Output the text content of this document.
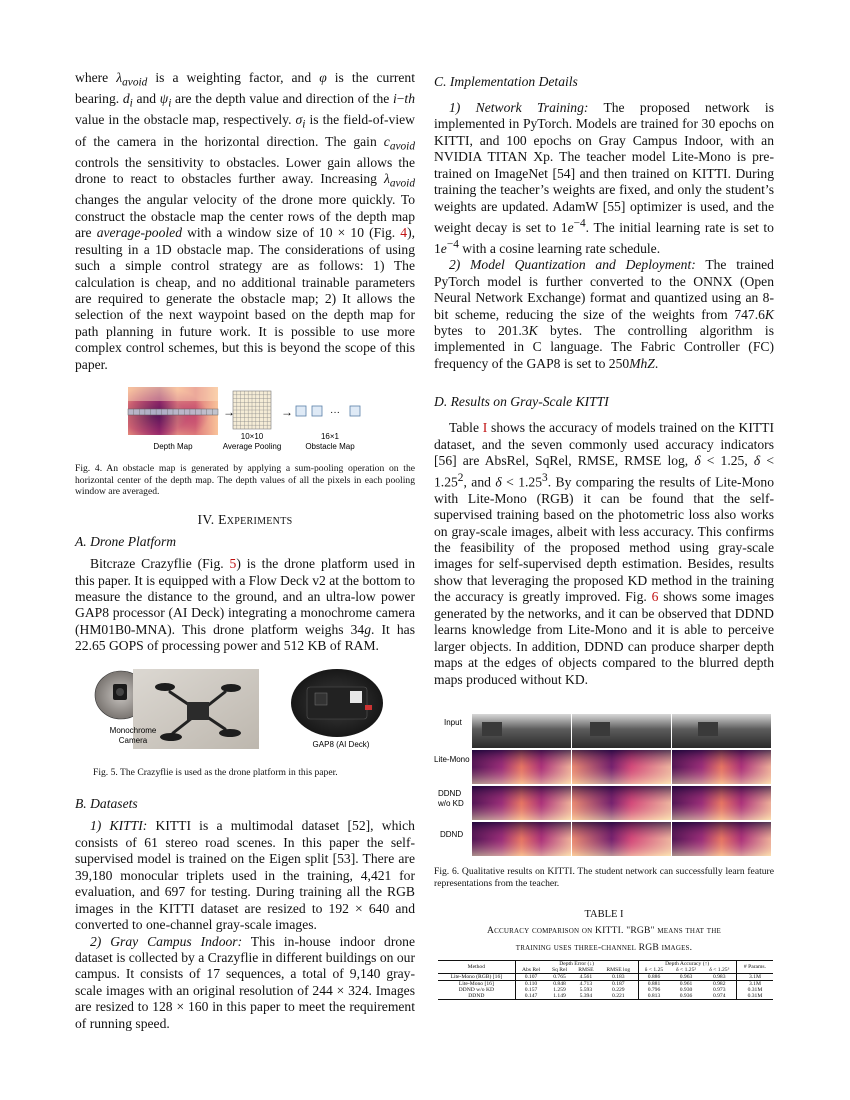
where $\lambda_{avoid}$ is a weighting factor, and φ is the current bearing. $d_i$ and $\psi_i$ are the depth value and direction of the i−th value in the obstacle map, respectively. $\sigma_i$ is the field-of-view of the camera in the horizontal direction. The gain $c_{avoid}$ controls the sensitivity to obstacles. Lower gain allows the drone to react to obstacles further away. Increasing $\lambda_{avoid}$ changes the angular velocity of the drone more quickly. To construct the obstacle map the center rows of the depth map are average-pooled with a window size of 10 × 10 (Fig. 4), resulting in a 1D obstacle map. The considerations of using such a simple control strategy are as follows: 1) The calculation is cheap, and no additional trainable parameters are required to generate the obstacle map; 2) It allows the selection of the next waypoint based on the depth map for path planning in future work. It is possible to use more complex control schemes, but this is beyond the scope of this paper.

→	→	···
Depth Map
10×10
Average Pooling
16×1
Obstacle Map

Fig. 4. An obstacle map is generated by applying a sum-pooling operation on the horizontal center of the depth map. The depth values of all the pixels in each pooling window are averaged.

IV. Experiments
A. Drone Platform

Bitcraze Crazyflie (Fig. 5) is the drone platform used in this paper. It is equipped with a Flow Deck v2 at the bottom to measure the distance to the ground, and an ultra-low power GAP8 processor (AI Deck) integrating a monochrome camera (HM01B0-MNA). This drone platform weighs 34g. It has 22.65 GOPS of processing power and 512 KB of RAM.

Monochrome
Camera	GAP8 (AI Deck)

Fig. 5. The Crazyflie is used as the drone platform in this paper.

B. Datasets

1) KITTI: KITTI is a multimodal dataset [52], which consists of 61 stereo road scenes. In this paper the self-supervised model is trained on the Eigen split [53]. There are 39,180 monocular triplets used in the training, 4,421 for evaluation, and 697 for testing. During training all the RGB images in the KITTI dataset are resized to 192 × 640 and converted to one-channel gray-scale images.

2) Gray Campus Indoor: This in-house indoor drone dataset is collected by a Crazyflie in different buildings on our campus. It consists of 17 sequences, a total of 9,140 gray-scale images with an original resolution of 244 × 324. Images are resized to 128 × 160 in this paper to meet the requirement of running speed.

C. Implementation Details

1) Network Training: The proposed network is implemented in PyTorch. Models are trained for 30 epochs on KITTI, and 100 epochs on Gray Campus Indoor, with an NVIDIA TITAN Xp. The teacher model Lite-Mono is pre-trained on ImageNet [54] and then trained on KITTI. During training the teacher’s weights are fixed, and only the student’s weights are updated. AdamW [55] optimizer is used, and the weight decay is set to $1e^{-4}$. The initial learning rate is set to $1e^{-4}$ with a cosine learning rate schedule.

2) Model Quantization and Deployment: The trained PyTorch model is further converted to the ONNX (Open Neural Network Exchange) format and quantized using an 8-bit scheme, reducing the size of the weights from 747.6K bytes to 201.3K bytes. The controlling algorithm is implemented in C language. The Fabric Controller (FC) frequency of the GAP8 is set to 250MhZ.

D. Results on Gray-Scale KITTI

Table I shows the accuracy of models trained on the KITTI dataset, and the seven commonly used accuracy indicators [56] are AbsRel, SqRel, RMSE, RMSE log, δ < 1.25, $\delta < 1.25^2$, and $\delta < 1.25^3$. By comparing the results of Lite-Mono with Lite-Mono (RGB) it can be found that the self-supervised training based on the photometric loss also works on gray-scale images, albeit with less accuracy. This confirms the feasibility of the proposed method using gray-scale images for self-supervised depth estimation. Besides, results show that leveraging the proposed KD method in the training the accuracy is greatly improved. Fig. 6 shows some images generated by the networks, and it can be observed that DDND learns knowledge from Lite-Mono and it is able to perceive larger objects. In addition, DDND can produce sharper depth maps at the edges of objects compared to the blurred depth maps produced without KD.

Input
Lite-Mono
DDND
w/o KD
DDND

Fig. 6. Qualitative results on KITTI. The student network can successfully learn feature representations from the teacher.

TABLE I

Accuracy comparison on KITTI. "RGB" means that the

training uses three-channel RGB images.

Method	Depth Error (↓)				Depth Accuracy (↑)			# Params.
	Abs Rel	Sq Rel	RMSE	RMSE log	δ < 1.25	δ < 1.25²	δ < 1.25³	
Lite-Mono (RGB) [16]	0.107	0.765	4.561	0.183	0.886	0.963	0.983	3.1M
Lite-Mono [16]	0.110	0.848	4.713	0.187	0.881	0.961	0.982	3.1M
DDND w/o KD	0.157	1.259	5.593	0.229	0.796	0.930	0.973	0.31M
DDND	0.147	1.149	5.394	0.221	0.813	0.936	0.974	0.31M
